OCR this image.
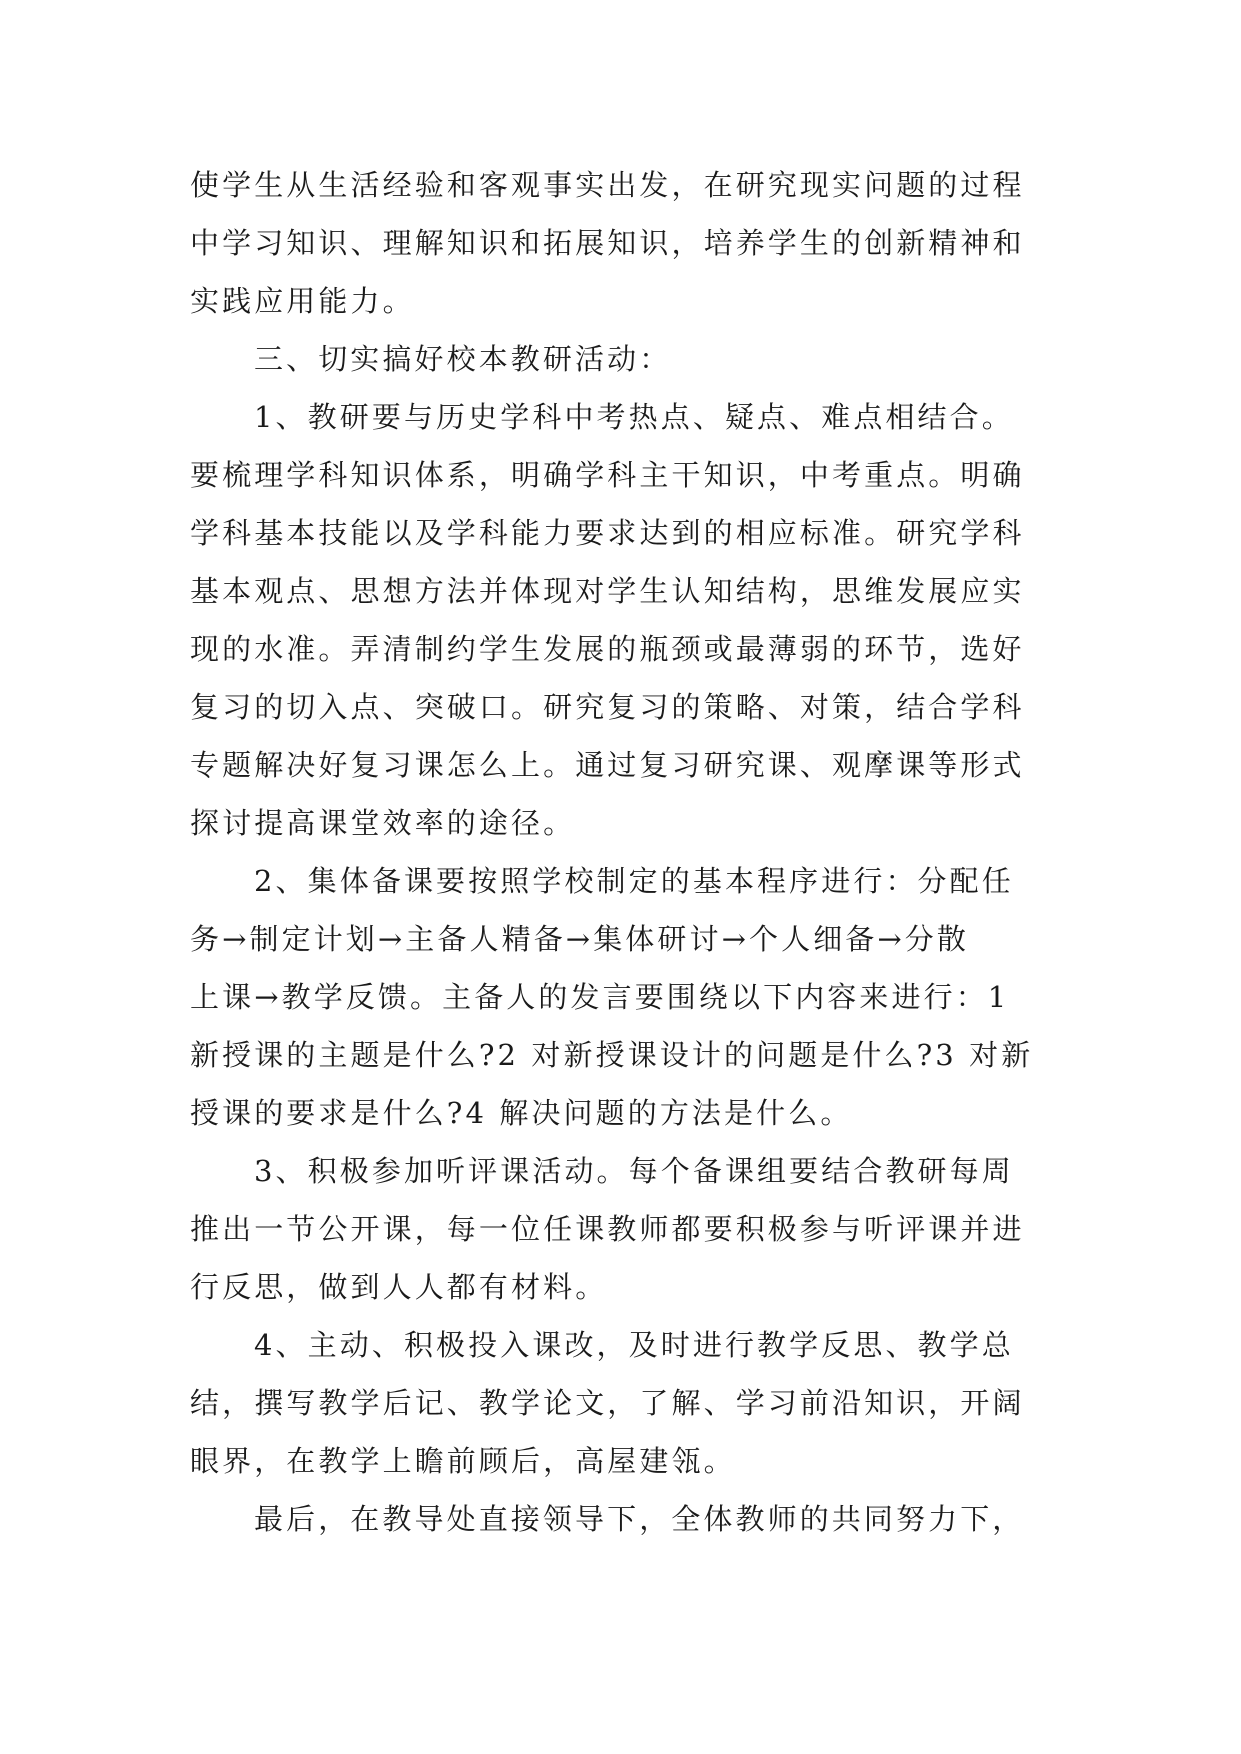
使学生从生活经验和客观事实出发，在研究现实问题的过程
中学习知识、理解知识和拓展知识，培养学生的创新精神和
实践应用能力。
三、切实搞好校本教研活动：
1、教研要与历史学科中考热点、疑点、难点相结合。
要梳理学科知识体系，明确学科主干知识，中考重点。明确
学科基本技能以及学科能力要求达到的相应标准。研究学科
基本观点、思想方法并体现对学生认知结构，思维发展应实
现的水准。弄清制约学生发展的瓶颈或最薄弱的环节，选好
复习的切入点、突破口。研究复习的策略、对策，结合学科
专题解决好复习课怎么上。通过复习研究课、观摩课等形式
探讨提高课堂效率的途径。
2、集体备课要按照学校制定的基本程序进行：分配任
务→制定计划→主备人精备→集体研讨→个人细备→分散
上课→教学反馈。主备人的发言要围绕以下内容来进行：1
新授课的主题是什么?2 对新授课设计的问题是什么?3 对新
授课的要求是什么?4 解决问题的方法是什么。
3、积极参加听评课活动。每个备课组要结合教研每周
推出一节公开课，每一位任课教师都要积极参与听评课并进
行反思，做到人人都有材料。
4、主动、积极投入课改，及时进行教学反思、教学总
结，撰写教学后记、教学论文，了解、学习前沿知识，开阔
眼界，在教学上瞻前顾后，高屋建瓴。
最后，在教导处直接领导下，全体教师的共同努力下，
